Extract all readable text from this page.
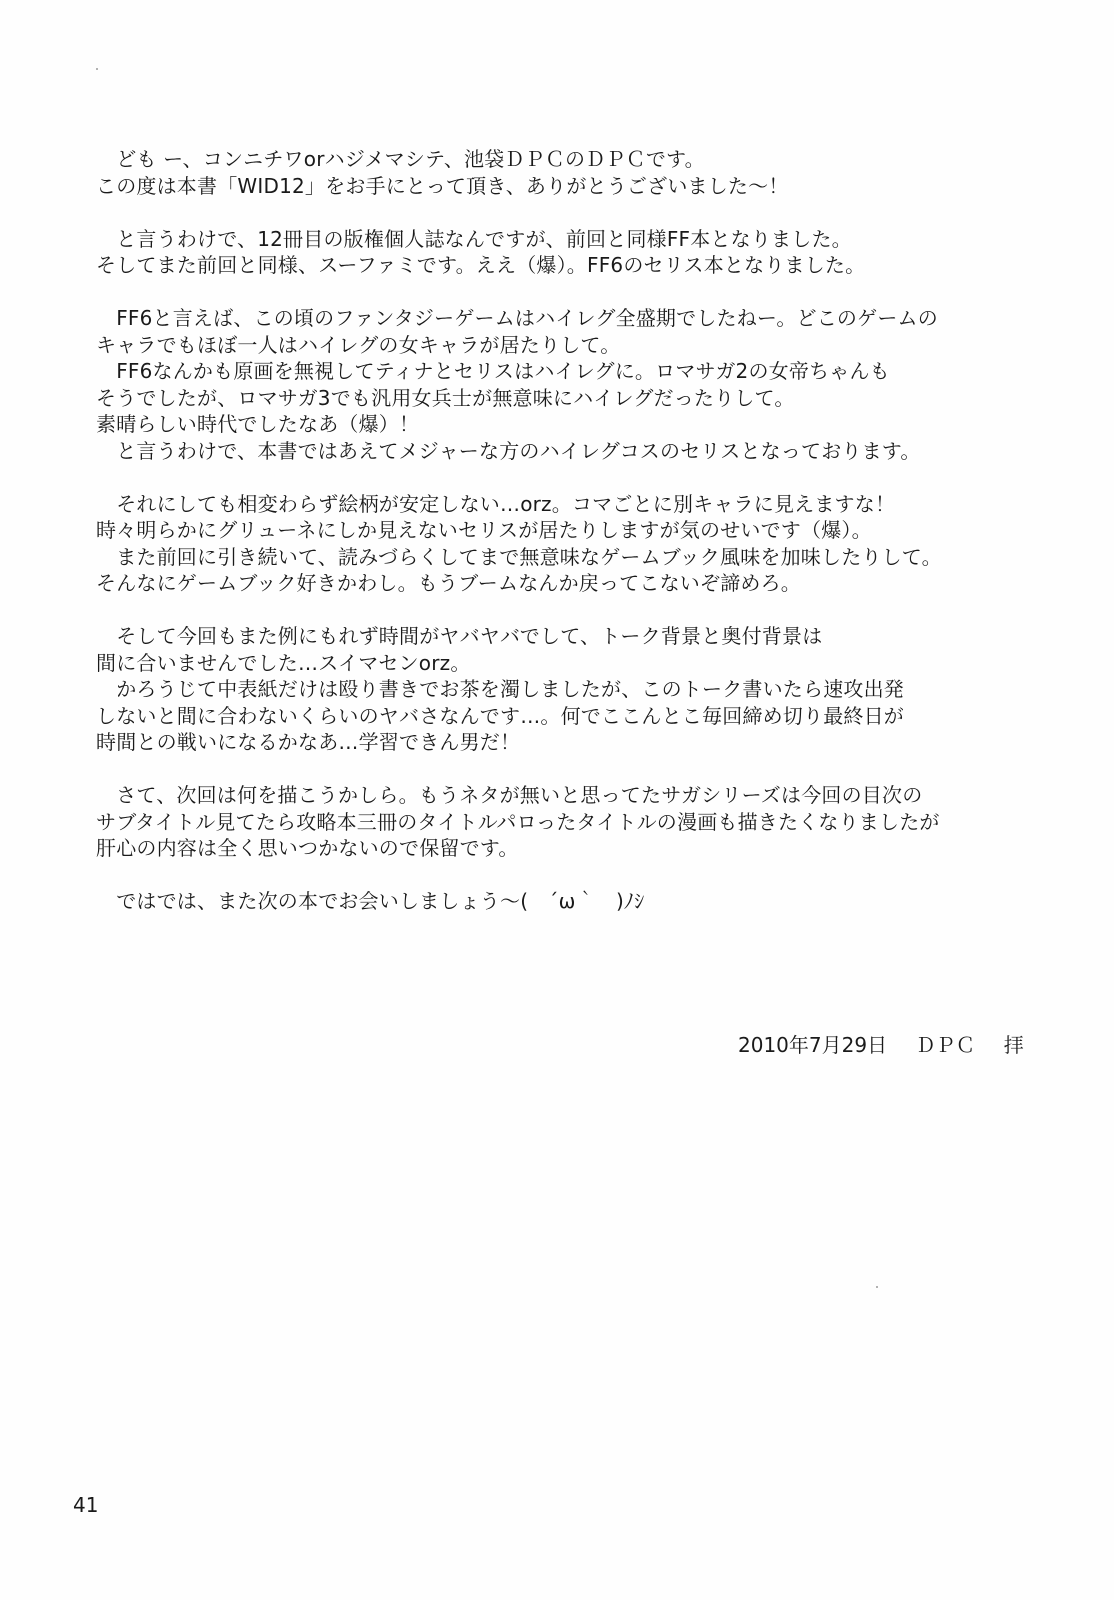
　ども ー、コンニチワorハジメマシテ、池袋ＤＰＣのＤＰＣです。
この度は本書「WID12」をお手にとって頂き、ありがとうございました～！

　と言うわけで、12冊目の版権個人誌なんですが、前回と同様FF本となりました。
そしてまた前回と同様、スーファミです。ええ（爆）。FF6のセリス本となりました。

　FF6と言えば、この頃のファンタジーゲームはハイレグ全盛期でしたねー。どこのゲームの
キャラでもほぼ一人はハイレグの女キャラが居たりして。
　FF6なんかも原画を無視してティナとセリスはハイレグに。ロマサガ2の女帝ちゃんも
そうでしたが、ロマサガ3でも汎用女兵士が無意味にハイレグだったりして。
素晴らしい時代でしたなあ（爆）！
　と言うわけで、本書ではあえてメジャーな方のハイレグコスのセリスとなっております。

　それにしても相変わらず絵柄が安定しない…orz。コマごとに別キャラに見えますな！
時々明らかにグリューネにしか見えないセリスが居たりしますが気のせいです（爆）。
　また前回に引き続いて、読みづらくしてまで無意味なゲームブック風味を加味したりして。
そんなにゲームブック好きかわし。もうブームなんか戻ってこないぞ諦めろ。

　そして今回もまた例にもれず時間がヤバヤバでして、トーク背景と奥付背景は
間に合いませんでした…スイマセンorz。
　かろうじて中表紙だけは殴り書きでお茶を濁しましたが、このトーク書いたら速攻出発
しないと間に合わないくらいのヤバさなんです…。何でここんとこ毎回締め切り最終日が
時間との戦いになるかなあ…学習できん男だ！

　さて、次回は何を描こうかしら。もうネタが無いと思ってたサガシリーズは今回の目次の
サブタイトル見てたら攻略本三冊のタイトルパロったタイトルの漫画も描きたくなりましたが
肝心の内容は全く思いつかないので保留です。

　ではでは、また次の本でお会いしましょう～(　´ω｀　)ﾉｼ

2010年7月29日 ＤＰＣ 拝
41
